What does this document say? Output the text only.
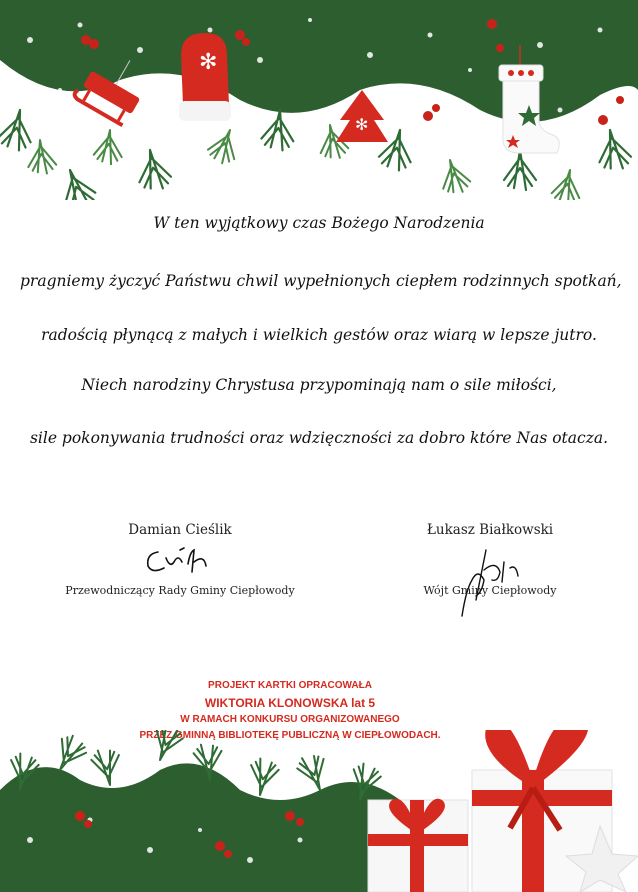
✻
✻
W ten wyjątkowy czas Bożego Narodzenia
pragniemy życzyć Państwu chwil wypełnionych ciepłem rodzinnych spotkań,
radością płynącą z małych i wielkich gestów oraz wiarą w lepsze jutro.
Niech narodziny Chrystusa przypominają nam o sile miłości,
sile pokonywania trudności oraz wdzięczności za dobro które Nas otacza.
Damian Cieślik
Przewodniczący Rady Gminy Ciepłowody
Łukasz Białkowski
Wójt Gminy Ciepłowody
PROJEKT KARTKI OPRACOWAŁA
WIKTORIA KLONOWSKA lat 5
W RAMACH KONKURSU ORGANIZOWANEGO
PRZEZ GMINNĄ BIBLIOTEKĘ PUBLICZNĄ W CIEPŁOWODACH.
